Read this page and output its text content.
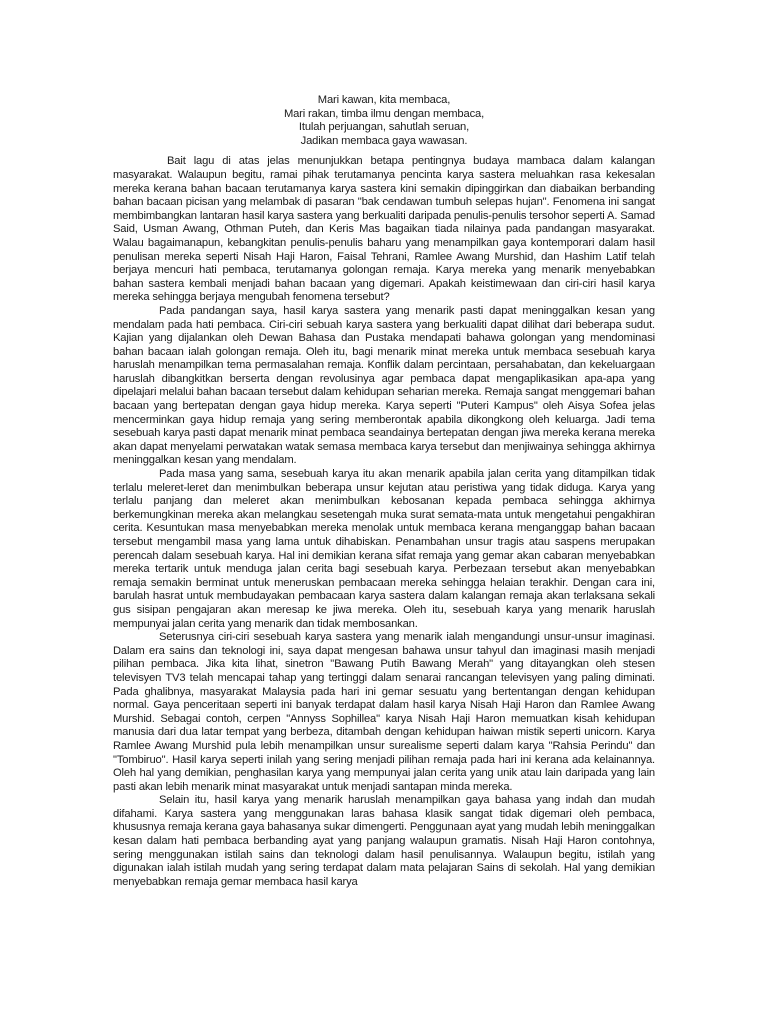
Mari kawan, kita membaca,
Mari rakan, timba ilmu dengan membaca,
Itulah perjuangan, sahutlah seruan,
Jadikan membaca gaya wawasan.

Bait lagu di atas jelas menunjukkan betapa pentingnya budaya mambaca dalam kalangan masyarakat. Walaupun begitu, ramai pihak terutamanya pencinta karya sastera meluahkan rasa kekesalan mereka kerana bahan bacaan terutamanya karya sastera kini semakin dipinggirkan dan diabaikan berbanding bahan bacaan picisan yang melambak di pasaran "bak cendawan tumbuh selepas hujan". Fenomena ini sangat membimbangkan lantaran hasil karya sastera yang berkualiti daripada penulis-penulis tersohor seperti A. Samad Said, Usman Awang, Othman Puteh, dan Keris Mas bagaikan tiada nilainya pada pandangan masyarakat. Walau bagaimanapun, kebangkitan penulis-penulis baharu yang menampilkan gaya kontemporari dalam hasil penulisan mereka seperti Nisah Haji Haron, Faisal Tehrani, Ramlee Awang Murshid, dan Hashim Latif telah berjaya mencuri hati pembaca, terutamanya golongan remaja. Karya mereka yang menarik menyebabkan bahan sastera kembali menjadi bahan bacaan yang digemari. Apakah keistimewaan dan ciri-ciri hasil karya mereka sehingga berjaya mengubah fenomena tersebut?

Pada pandangan saya, hasil karya sastera yang menarik pasti dapat meninggalkan kesan yang mendalam pada hati pembaca. Ciri-ciri sebuah karya sastera yang berkualiti dapat dilihat dari beberapa sudut. Kajian yang dijalankan oleh Dewan Bahasa dan Pustaka mendapati bahawa golongan yang mendominasi bahan bacaan ialah golongan remaja. Oleh itu, bagi menarik minat mereka untuk membaca sesebuah karya haruslah menampilkan tema permasalahan remaja. Konflik dalam percintaan, persahabatan, dan kekeluargaan haruslah dibangkitkan berserta dengan revolusinya agar pembaca dapat mengaplikasikan apa-apa yang dipelajari melalui bahan bacaan tersebut dalam kehidupan seharian mereka. Remaja sangat menggemari bahan bacaan yang bertepatan dengan gaya hidup mereka. Karya seperti "Puteri Kampus" oleh Aisya Sofea jelas mencerminkan gaya hidup remaja yang sering memberontak apabila dikongkong oleh keluarga. Jadi tema sesebuah karya pasti dapat menarik minat pembaca seandainya bertepatan dengan jiwa mereka kerana mereka akan dapat menyelami perwatakan watak semasa membaca karya tersebut dan menjiwainya sehingga akhirnya meninggalkan kesan yang mendalam.

Pada masa yang sama, sesebuah karya itu akan menarik apabila jalan cerita yang ditampilkan tidak terlalu meleret-leret dan menimbulkan beberapa unsur kejutan atau peristiwa yang tidak diduga. Karya yang terlalu panjang dan meleret akan menimbulkan kebosanan kepada pembaca sehingga akhirnya berkemungkinan mereka akan melangkau sesetengah muka surat semata-mata untuk mengetahui pengakhiran cerita. Kesuntukan masa menyebabkan mereka menolak untuk membaca kerana menganggap bahan bacaan tersebut mengambil masa yang lama untuk dihabiskan. Penambahan unsur tragis atau saspens merupakan perencah dalam sesebuah karya. Hal ini demikian kerana sifat remaja yang gemar akan cabaran menyebabkan mereka tertarik untuk menduga jalan cerita bagi sesebuah karya. Perbezaan tersebut akan menyebabkan remaja semakin berminat untuk meneruskan pembacaan mereka sehingga helaian terakhir. Dengan cara ini, barulah hasrat untuk membudayakan pembacaan karya sastera dalam kalangan remaja akan terlaksana sekali gus sisipan pengajaran akan meresap ke jiwa mereka. Oleh itu, sesebuah karya yang menarik haruslah mempunyai jalan cerita yang menarik dan tidak membosankan.

Seterusnya ciri-ciri sesebuah karya sastera yang menarik ialah mengandungi unsur-unsur imaginasi. Dalam era sains dan teknologi ini, saya dapat mengesan bahawa unsur tahyul dan imaginasi masih menjadi pilihan pembaca. Jika kita lihat, sinetron "Bawang Putih Bawang Merah" yang ditayangkan oleh stesen televisyen TV3 telah mencapai tahap yang tertinggi dalam senarai rancangan televisyen yang paling diminati. Pada ghalibnya, masyarakat Malaysia pada hari ini gemar sesuatu yang bertentangan dengan kehidupan normal. Gaya penceritaan seperti ini banyak terdapat dalam hasil karya Nisah Haji Haron dan Ramlee Awang Murshid. Sebagai contoh, cerpen "Annyss Sophillea" karya Nisah Haji Haron memuatkan kisah kehidupan manusia dari dua latar tempat yang berbeza, ditambah dengan kehidupan haiwan mistik seperti unicorn. Karya Ramlee Awang Murshid pula lebih menampilkan unsur surealisme seperti dalam karya "Rahsia Perindu" dan "Tombiruo". Hasil karya seperti inilah yang sering menjadi pilihan remaja pada hari ini kerana ada kelainannya. Oleh hal yang demikian, penghasilan karya yang mempunyai jalan cerita yang unik atau lain daripada yang lain pasti akan lebih menarik minat masyarakat untuk menjadi santapan minda mereka.

Selain itu, hasil karya yang menarik haruslah menampilkan gaya bahasa yang indah dan mudah difahami. Karya sastera yang menggunakan laras bahasa klasik sangat tidak digemari oleh pembaca, khususnya remaja kerana gaya bahasanya sukar dimengerti. Penggunaan ayat yang mudah lebih meninggalkan kesan dalam hati pembaca berbanding ayat yang panjang walaupun gramatis. Nisah Haji Haron contohnya, sering menggunakan istilah sains dan teknologi dalam hasil penulisannya. Walaupun begitu, istilah yang digunakan ialah istilah mudah yang sering terdapat dalam mata pelajaran Sains di sekolah. Hal yang demikian menyebabkan remaja gemar membaca hasil karya
